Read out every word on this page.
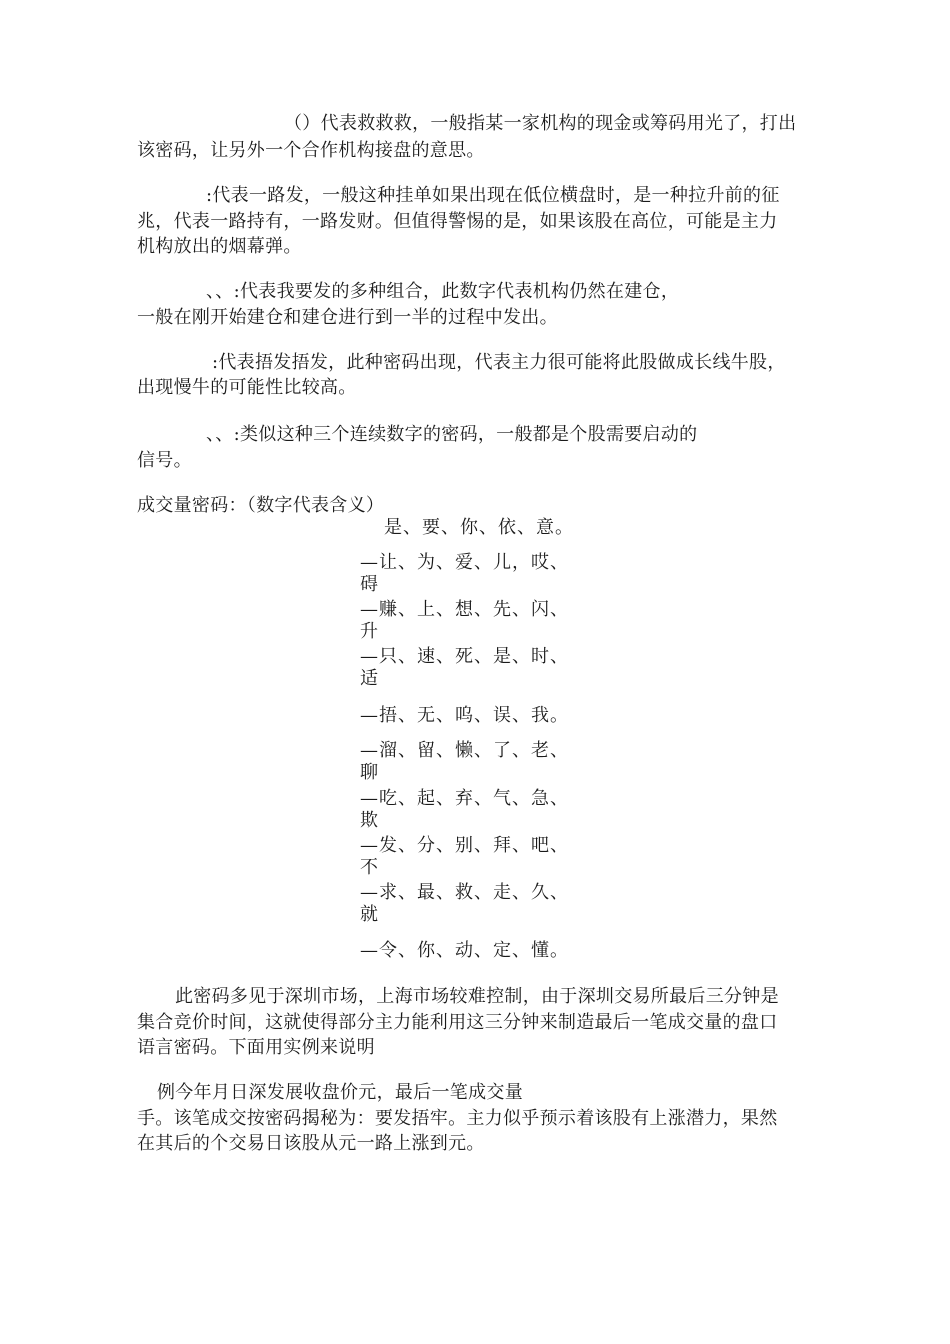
（）代表救救救，一般指某一家机构的现金或筹码用光了，打出
该密码，让另外一个合作机构接盘的意思。
:代表一路发，一般这种挂单如果出现在低位横盘时，是一种拉升前的征
兆，代表一路持有，一路发财。但值得警惕的是，如果该股在高位，可能是主力
机构放出的烟幕弹。
、、:代表我要发的多种组合，此数字代表机构仍然在建仓，
一般在刚开始建仓和建仓进行到一半的过程中发出。
:代表捂发捂发，此种密码出现，代表主力很可能将此股做成长线牛股，
出现慢牛的可能性比较高。
、、:类似这种三个连续数字的密码，一般都是个股需要启动的
信号。
成交量密码：（数字代表含义）
是、要、你、依、意。
—让、为、爱、儿，哎、
碍
—赚、上、想、先、闪、
升
—只、速、死、是、时、
适
—捂、无、呜、误、我。
—溜、留、懒、了、老、
聊
—吃、起、弃、气、急、
欺
—发、分、别、拜、吧、
不
—求、最、救、走、久、
就
—令、你、动、定、懂。
此密码多见于深圳市场，上海市场较难控制，由于深圳交易所最后三分钟是
集合竞价时间，这就使得部分主力能利用这三分钟来制造最后一笔成交量的盘口
语言密码。下面用实例来说明
例今年月日深发展收盘价元，最后一笔成交量
手。该笔成交按密码揭秘为：要发捂牢。主力似乎预示着该股有上涨潜力，果然
在其后的个交易日该股从元一路上涨到元。
